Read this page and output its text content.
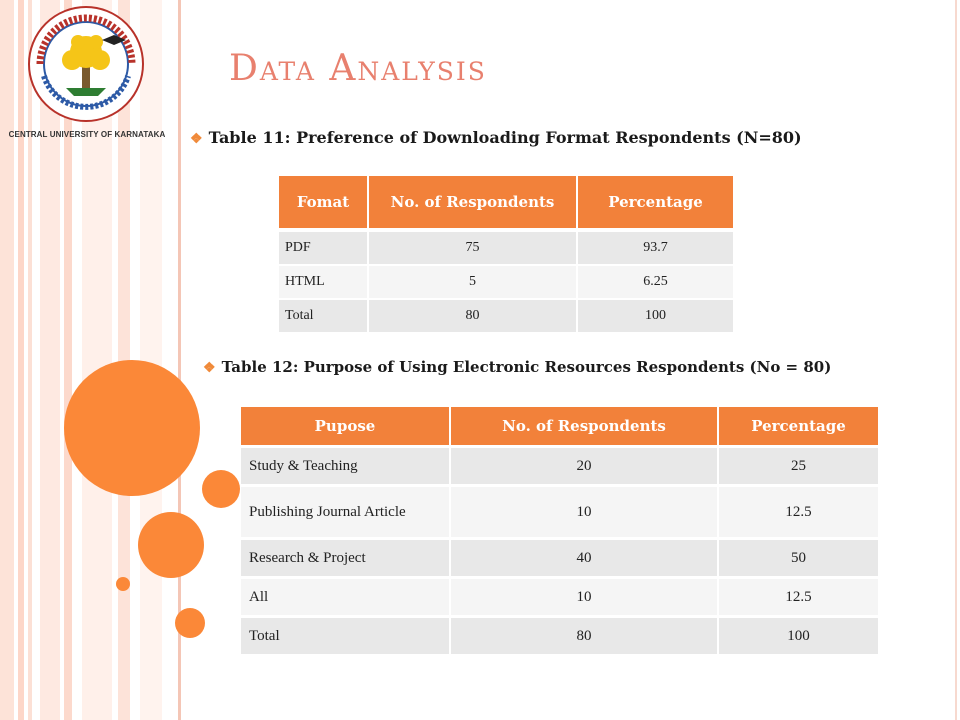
CENTRAL UNIVERSITY OF KARNATAKA
Data Analysis
❖ Table 11: Preference of Downloading Format Respondents (N=80)
Fomat	No. of Respondents	Percentage

PDF	75	93.7
HTML	5	6.25
Total	80	100
❖ Table 12: Purpose of Using Electronic Resources Respondents (No = 80)
Pupose	No. of Respondents	Percentage
Study & Teaching	20	25
Publishing Journal Article	10	12.5
Research & Project	40	50
All	10	12.5
Total	80	100
